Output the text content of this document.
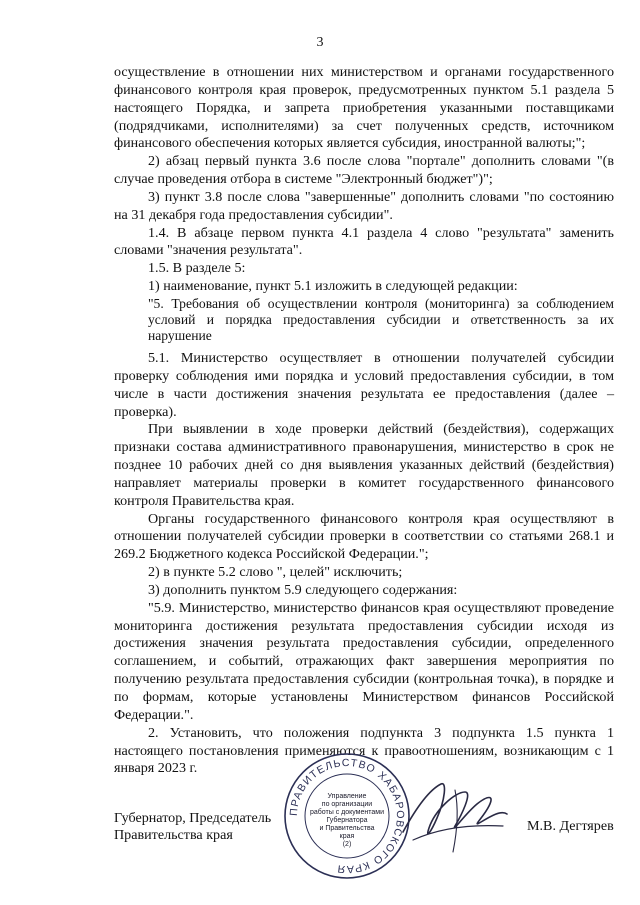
3

осуществление в отношении них министерством и органами государственного финансового контроля края проверок, предусмотренных пунктом 5.1 раздела 5 настоящего Порядка, и запрета приобретения указанными поставщиками (подрядчиками, исполнителями) за счет полученных средств, источником финансового обеспечения которых является субсидия, иностранной валюты;";

2) абзац первый пункта 3.6 после слова "портале" дополнить словами "(в случае проведения отбора в системе "Электронный бюджет")";

3) пункт 3.8 после слова "завершенные" дополнить словами "по состоянию на 31 декабря года предоставления субсидии".

1.4. В абзаце первом пункта 4.1 раздела 4 слово "результата" заменить словами "значения результата".

1.5. В разделе 5:

1) наименование, пункт 5.1 изложить в следующей редакции:

"5. Требования об осуществлении контроля (мониторинга) за соблюдением условий и порядка предоставления субсидии и ответственность за их нарушение

5.1. Министерство осуществляет в отношении получателей субсидии проверку соблюдения ими порядка и условий предоставления субсидии, в том числе в части достижения значения результата ее предоставления (далее – проверка).

При выявлении в ходе проверки действий (бездействия), содержащих признаки состава административного правонарушения, министерство в срок не позднее 10 рабочих дней со дня выявления указанных действий (бездействия) направляет материалы проверки в комитет государственного финансового контроля Правительства края.

Органы государственного финансового контроля края осуществляют в отношении получателей субсидии проверки в соответствии со статьями 268.1 и 269.2 Бюджетного кодекса Российской Федерации.";

2) в пункте 5.2 слово ", целей" исключить;

3) дополнить пунктом 5.9 следующего содержания:

"5.9. Министерство, министерство финансов края осуществляют проведение мониторинга достижения результата предоставления субсидии исходя из достижения значения результата предоставления субсидии, определенного соглашением, и событий, отражающих факт завершения мероприятия по получению результата предоставления субсидии (контрольная точка), в порядке и по формам, которые установлены Министерством финансов Российской Федерации.".

2. Установить, что положения подпункта 3 подпункта 1.5 пункта 1 настоящего постановления применяются к правоотношениям, возникающим с 1 января 2023 г.

ПРАВИТЕЛЬСТВО ХАБАРОВСКОГО КРАЯ
Управление
по организации
работы с документами
Губернатора
и Правительства
края
(2)
Губернатор, Председатель
Правительства края
М.В. Дегтярев
